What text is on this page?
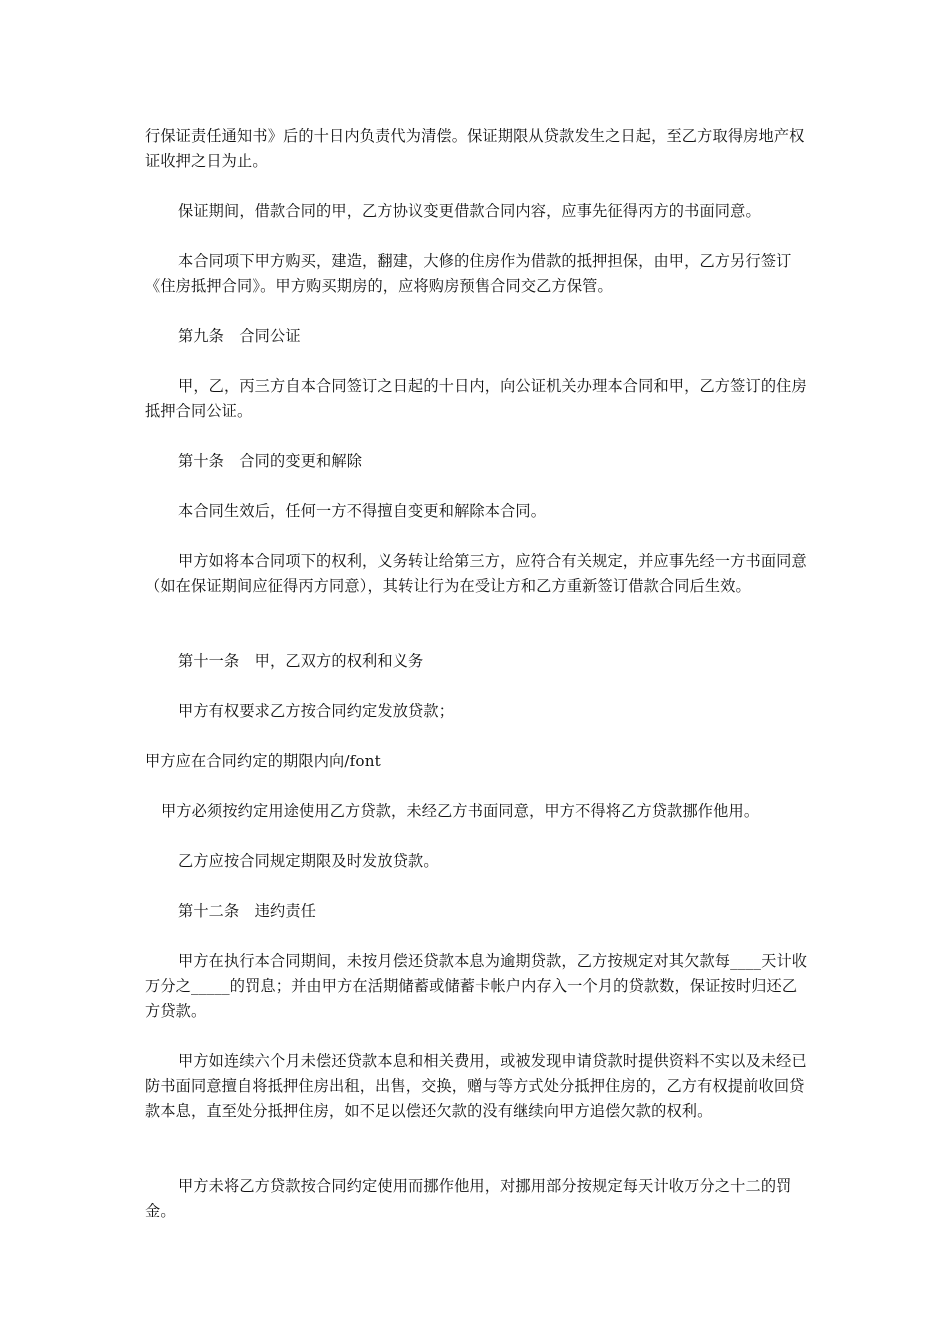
行保证责任通知书》后的十日内负责代为清偿。保证期限从贷款发生之日起，至乙方取得房地产权证收押之日为止。

保证期间，借款合同的甲，乙方协议变更借款合同内容，应事先征得丙方的书面同意。

本合同项下甲方购买，建造，翻建，大修的住房作为借款的抵押担保，由甲，乙方另行签订《住房抵押合同》。甲方购买期房的，应将购房预售合同交乙方保管。

第九条　合同公证

甲，乙，丙三方自本合同签订之日起的十日内，向公证机关办理本合同和甲，乙方签订的住房抵押合同公证。

第十条　合同的变更和解除

本合同生效后，任何一方不得擅自变更和解除本合同。

甲方如将本合同项下的权利，义务转让给第三方，应符合有关规定，并应事先经一方书面同意（如在保证期间应征得丙方同意），其转让行为在受让方和乙方重新签订借款合同后生效。

第十一条　甲，乙双方的权利和义务

甲方有权要求乙方按合同约定发放贷款；

甲方应在合同约定的期限内向/font

甲方必须按约定用途使用乙方贷款，未经乙方书面同意，甲方不得将乙方贷款挪作他用。

乙方应按合同规定期限及时发放贷款。

第十二条　违约责任

甲方在执行本合同期间，未按月偿还贷款本息为逾期贷款，乙方按规定对其欠款每____天计收万分之_____的罚息；并由甲方在活期储蓄或储蓄卡帐户内存入一个月的贷款数，保证按时归还乙方贷款。

甲方如连续六个月未偿还贷款本息和相关费用，或被发现申请贷款时提供资料不实以及未经已防书面同意擅自将抵押住房出租，出售，交换，赠与等方式处分抵押住房的，乙方有权提前收回贷款本息，直至处分抵押住房，如不足以偿还欠款的没有继续向甲方追偿欠款的权利。

甲方未将乙方贷款按合同约定使用而挪作他用，对挪用部分按规定每天计收万分之十二的罚金。
